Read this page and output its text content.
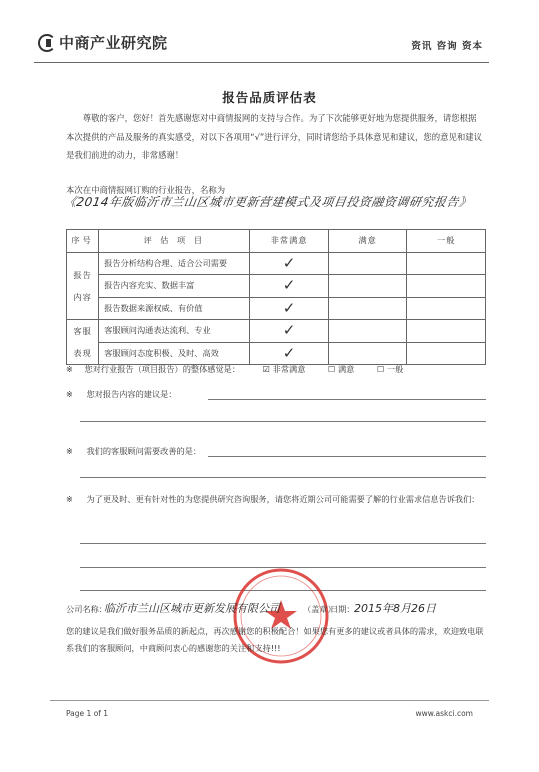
中商产业研究院	资讯 咨询 资本
报告品质评估表

尊敬的客户，您好！首先感谢您对中商情报网的支持与合作。为了下次能够更好地为您提供服务，请您根据本次提供的产品及服务的真实感受，对以下各项用“√”进行评分，同时请您给予具体意见和建议，您的意见和建议是我们前进的动力，非常感谢！

本次在中商情报网订购的行业报告，名称为
《2014年版临沂市兰山区城市更新营建模式及项目投资融资调研究报告》
序号	评 估 项 目	非常满意	满意	一般
报告内容	报告分析结构合理、适合公司需要	✓		
	报告内容充实、数据丰富	✓		
	报告数据来源权威、有价值	✓		
客服表现	客服顾问沟通表达流利、专业	✓		
	客服顾问态度积极、及时、高效	✓		
※ 您对行业报告（项目报告）的整体感觉是：	☑ 非常满意	☐ 满意	☐ 一般
※ 您对报告内容的建议是：
※ 我们的客服顾问需要改善的是：
※ 为了更及时、更有针对性的为您提供研究咨询服务，请您将近期公司可能需要了解的行业需求信息告诉我们：
公司名称：
临沂市兰山区城市更新发展有限公司	（盖章）
日期： 2015年8月26日
您的建议是我们做好服务品质的新起点，再次感谢您的积极配合！如果您有更多的建议或者具体的需求，欢迎致电联系我们的客服顾问，中商顾问衷心的感谢您的关注和支持!!!
Page 1 of 1	www.askci.com
